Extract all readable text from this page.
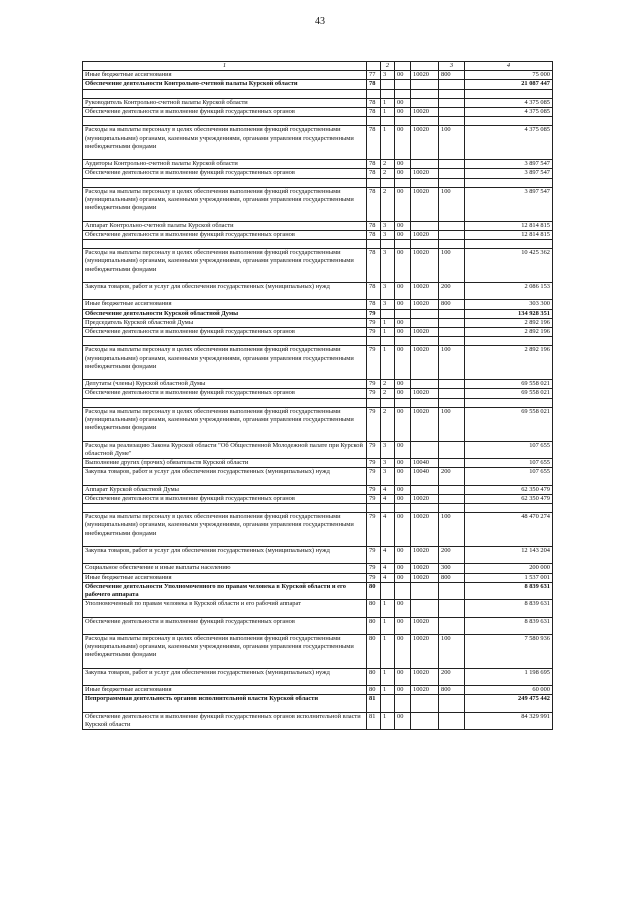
43
1		2			3	4
Иные бюджетные ассигнования	77	3	00	10020	800	75 000
Обеспечение деятельности Контрольно-счетной палаты Курской области	78					21 087 447

Руководитель Контрольно-счетной палаты Курской области	78	1	00			4 375 085
Обеспечение деятельности и выполнение функций государственных органов	78	1	00	10020		4 375 085

Расходы на выплаты персоналу в целях обеспечения выполнения функций государственными (муниципальными) органами, казенными учреждениями, органами управления государственными внебюджетными фондами	78	1	00	10020	100	4 375 085
Аудиторы Контрольно-счетной палаты Курской области	78	2	00			3 897 547
Обеспечение деятельности и выполнение функций государственных органов	78	2	00	10020		3 897 547

Расходы на выплаты персоналу в целях обеспечения выполнения функций государственными (муниципальными) органами, казенными учреждениями, органами управления государственными внебюджетными фондами	78	2	00	10020	100	3 897 547
Аппарат Контрольно-счетной палаты Курской области	78	3	00			12 814 815
Обеспечение деятельности и выполнение функций государственных органов	78	3	00	10020		12 814 815

Расходы на выплаты персоналу в целях обеспечения выполнения функций государственными (муниципальными) органами, казенными учреждениями, органами управления государственными внебюджетными фондами	78	3	00	10020	100	10 425 362
Закупка товаров, работ и услуг для обеспечения государственных (муниципальных) нужд	78	3	00	10020	200	2 086 153
Иные бюджетные ассигнования	78	3	00	10020	800	303 300
Обеспечение деятельности Курской областной Думы	79					134 928 351
Председатель Курской областной Думы	79	1	00			2 892 196
Обеспечение деятельности и выполнение функций государственных органов	79	1	00	10020		2 892 196

Расходы на выплаты персоналу в целях обеспечения выполнения функций государственными (муниципальными) органами, казенными учреждениями, органами управления государственными внебюджетными фондами	79	1	00	10020	100	2 892 196
Депутаты (члены) Курской областной Думы	79	2	00			69 558 021
Обеспечение деятельности и выполнение функций государственных органов	79	2	00	10020		69 558 021

Расходы на выплаты персоналу в целях обеспечения выполнения функций государственными (муниципальными) органами, казенными учреждениями, органами управления государственными внебюджетными фондами	79	2	00	10020	100	69 558 021
Расходы на реализацию Закона Курской области "Об Общественной Молодежной палате при Курской областной Думе"	79	3	00			107 655
Выполнение других (прочих) обязательств Курской области	79	3	00	10040		107 655
Закупка товаров, работ и услуг для обеспечения государственных (муниципальных) нужд	79	3	00	10040	200	107 655
Аппарат Курской областной Думы	79	4	00			62 350 479
Обеспечение деятельности и выполнение функций государственных органов	79	4	00	10020		62 350 479

Расходы на выплаты персоналу в целях обеспечения выполнения функций государственными (муниципальными) органами, казенными учреждениями, органами управления государственными внебюджетными фондами	79	4	00	10020	100	48 470 274
Закупка товаров, работ и услуг для обеспечения государственных (муниципальных) нужд	79	4	00	10020	200	12 143 204
Социальное обеспечение и иные выплаты населению	79	4	00	10020	300	200 000
Иные бюджетные ассигнования	79	4	00	10020	800	1 537 001
Обеспечение деятельности Уполномоченного по правам человека в Курской области и его рабочего аппарата	80					8 839 631
Уполномоченный по правам человека в Курской области и его рабочий аппарат	80	1	00			8 839 631
Обеспечение деятельности и выполнение функций государственных органов	80	1	00	10020		8 839 631
Расходы на выплаты персоналу в целях обеспечения выполнения функций государственными (муниципальными) органами, казенными учреждениями, органами управления государственными внебюджетными фондами	80	1	00	10020	100	7 580 936
Закупка товаров, работ и услуг для обеспечения государственных (муниципальных) нужд	80	1	00	10020	200	1 198 695
Иные бюджетные ассигнования	80	1	00	10020	800	60 000
Непрограммная деятельность органов исполнительной власти Курской области	81					249 475 442
Обеспечение деятельности и выполнение функций государственных органов исполнительной власти Курской области	81	1	00			84 329 991
